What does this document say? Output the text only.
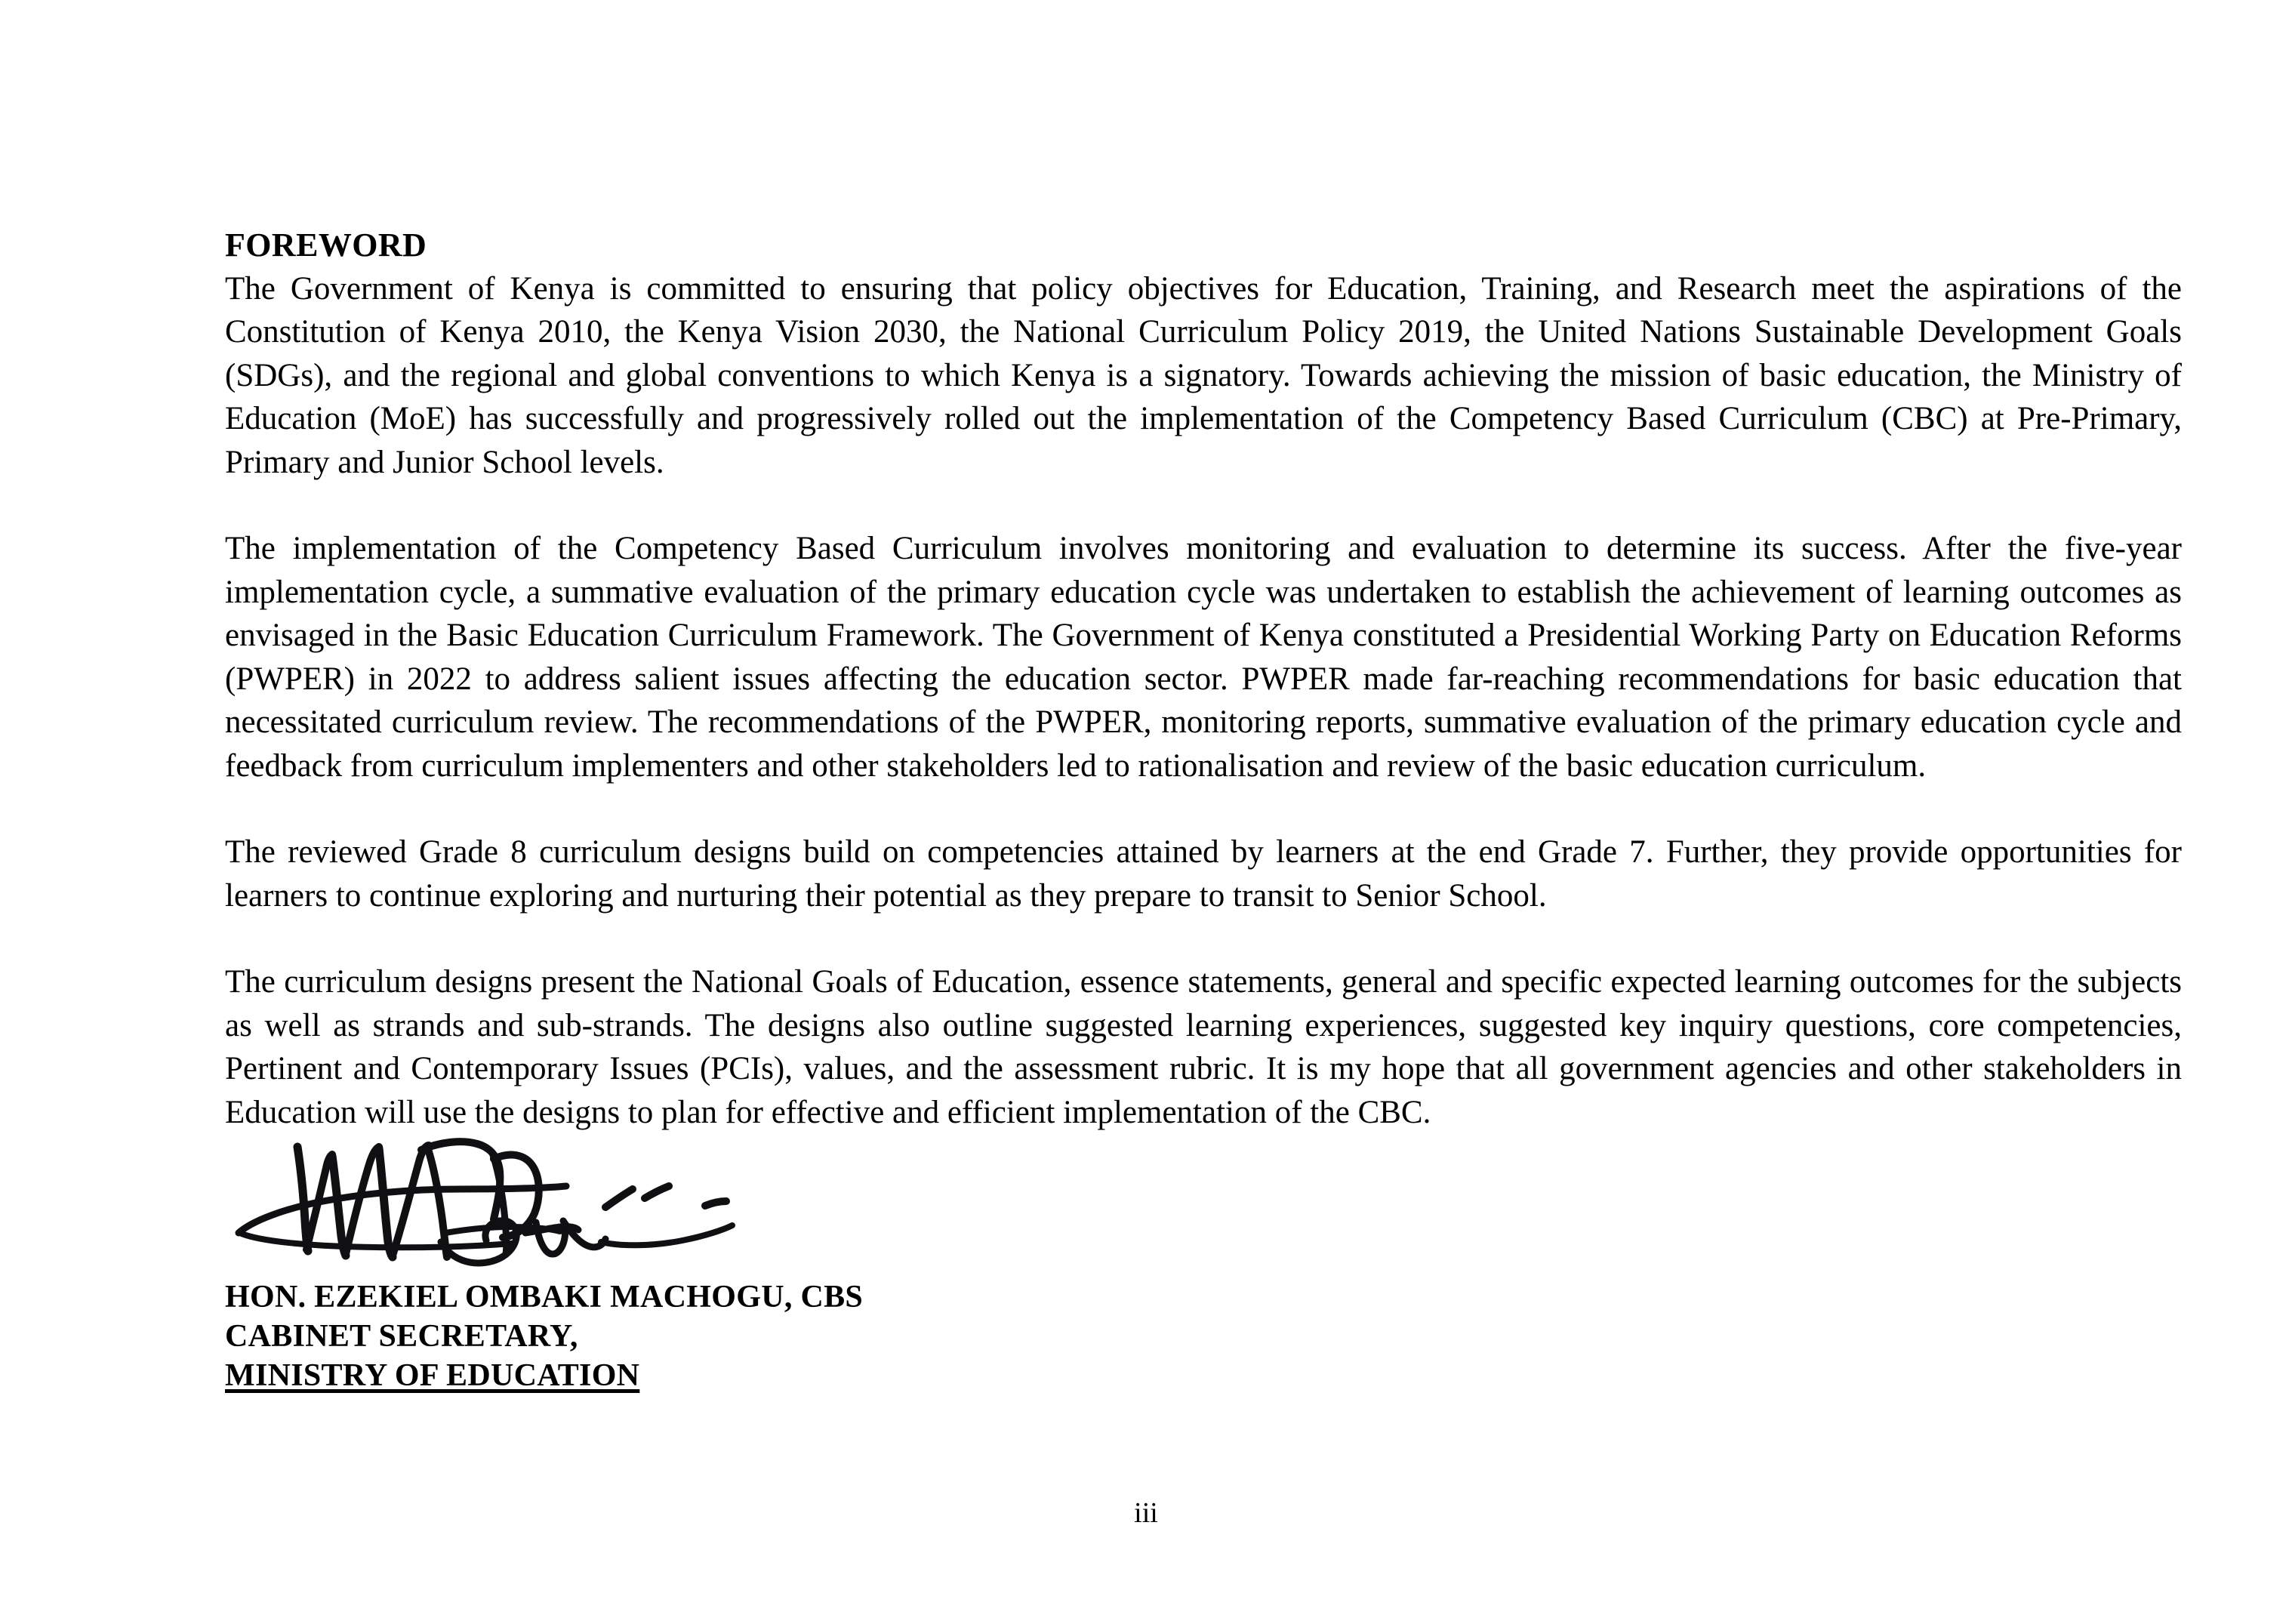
FOREWORD

The Government of Kenya is committed to ensuring that policy objectives for Education, Training, and Research meet the aspirations of the Constitution of Kenya 2010, the Kenya Vision 2030, the National Curriculum Policy 2019, the United Nations Sustainable Development Goals (SDGs), and the regional and global conventions to which Kenya is a signatory. Towards achieving the mission of basic education, the Ministry of Education (MoE) has successfully and progressively rolled out the implementation of the Competency Based Curriculum (CBC) at Pre-Primary, Primary and Junior School levels.

The implementation of the Competency Based Curriculum involves monitoring and evaluation to determine its success. After the five-year implementation cycle, a summative evaluation of the primary education cycle was undertaken to establish the achievement of learning outcomes as envisaged in the Basic Education Curriculum Framework. The Government of Kenya constituted a Presidential Working Party on Education Reforms (PWPER) in 2022 to address salient issues affecting the education sector. PWPER made far-reaching recommendations for basic education that necessitated curriculum review. The recommendations of the PWPER, monitoring reports, summative evaluation of the primary education cycle and feedback from curriculum implementers and other stakeholders led to rationalisation and review of the basic education curriculum.

The reviewed Grade 8 curriculum designs build on competencies attained by learners at the end Grade 7. Further, they provide opportunities for learners to continue exploring and nurturing their potential as they prepare to transit to Senior School.

The curriculum designs present the National Goals of Education, essence statements, general and specific expected learning outcomes for the subjects as well as strands and sub-strands. The designs also outline suggested learning experiences, suggested key inquiry questions, core competencies, Pertinent and Contemporary Issues (PCIs), values, and the assessment rubric. It is my hope that all government agencies and other stakeholders in Education will use the designs to plan for effective and efficient implementation of the CBC.

HON. EZEKIEL OMBAKI MACHOGU, CBS
CABINET SECRETARY,
MINISTRY OF EDUCATION
iii
